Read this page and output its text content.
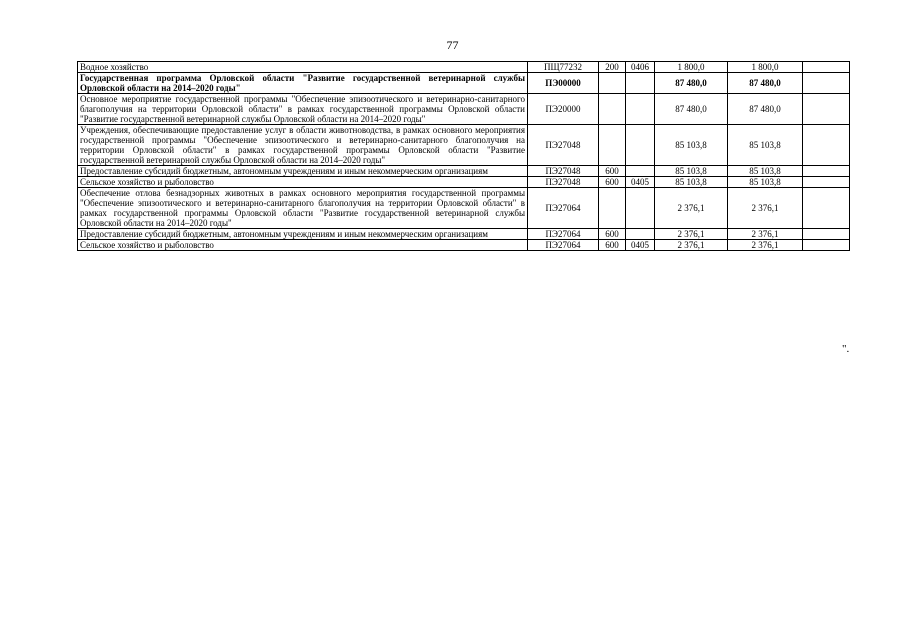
77
Водное хозяйство	ПЩ77232	200	0406	1 800,0	1 800,0	
Государственная программа Орловской области "Развитие государственной ветеринарной службы Орловской области на 2014–2020 годы"	ПЭ00000			87 480,0	87 480,0	
Основное мероприятие государственной программы "Обеспечение эпизоотического и ветеринарно-санитарного благополучия на территории Орловской области" в рамках государственной программы Орловской области "Развитие государственной ветеринарной службы Орловской области на 2014–2020 годы"	ПЭ20000			87 480,0	87 480,0	
Учреждения, обеспечивающие предоставление услуг в области животноводства, в рамках основного мероприятия государственной программы "Обеспечение эпизоотического и ветеринарно-санитарного благополучия на территории Орловской области" в рамках государственной программы Орловской области "Развитие государственной ветеринарной службы Орловской области на 2014–2020 годы"	ПЭ27048			85 103,8	85 103,8	
Предоставление субсидий бюджетным, автономным учреждениям и иным некоммерческим организациям	ПЭ27048	600		85 103,8	85 103,8	
Сельское хозяйство и рыболовство	ПЭ27048	600	0405	85 103,8	85 103,8	
Обеспечение отлова безнадзорных животных в рамках основного мероприятия государственной программы "Обеспечение эпизоотического и ветеринарно-санитарного благополучия на территории Орловской области" в рамках государственной программы Орловской области "Развитие государственной ветеринарной службы Орловской области на 2014–2020 годы"	ПЭ27064			2 376,1	2 376,1	
Предоставление субсидий бюджетным, автономным учреждениям и иным некоммерческим организациям	ПЭ27064	600		2 376,1	2 376,1	
Сельское хозяйство и рыболовство	ПЭ27064	600	0405	2 376,1	2 376,1	
".
